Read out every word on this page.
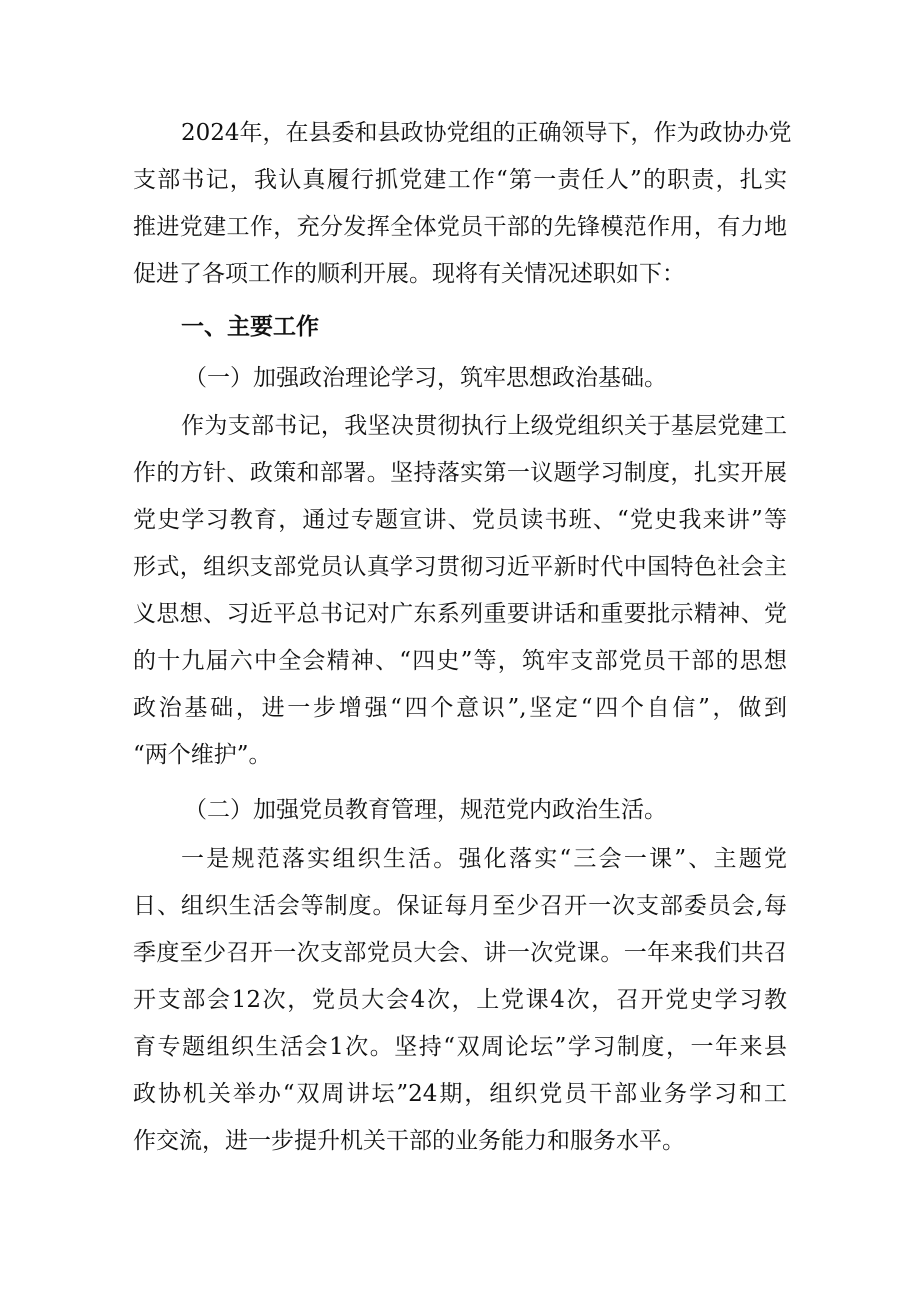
2024年，在县委和县政协党组的正确领导下，作为政协办党

支部书记，我认真履行抓党建工作“第一责任人”的职责，扎实

推进党建工作，充分发挥全体党员干部的先锋模范作用，有力地

促进了各项工作的顺利开展。现将有关情况述职如下：

一、主要工作

（一）加强政治理论学习，筑牢思想政治基础。

作为支部书记，我坚决贯彻执行上级党组织关于基层党建工

作的方针、政策和部署。坚持落实第一议题学习制度，扎实开展

党史学习教育，通过专题宣讲、党员读书班、“党史我来讲”等

形式，组织支部党员认真学习贯彻习近平新时代中国特色社会主

义思想、习近平总书记对广东系列重要讲话和重要批示精神、党

的十九届六中全会精神、“四史”等，筑牢支部党员干部的思想

政治基础，进一步增强“四个意识”,坚定“四个自信”，做到

“两个维护”。

（二）加强党员教育管理，规范党内政治生活。

一是规范落实组织生活。强化落实“三会一课”、主题党

日、组织生活会等制度。保证每月至少召开一次支部委员会,每

季度至少召开一次支部党员大会、讲一次党课。一年来我们共召

开支部会12次，党员大会4次，上党课4次，召开党史学习教

育专题组织生活会1次。坚持“双周论坛”学习制度，一年来县

政协机关举办“双周讲坛”24期，组织党员干部业务学习和工

作交流，进一步提升机关干部的业务能力和服务水平。
